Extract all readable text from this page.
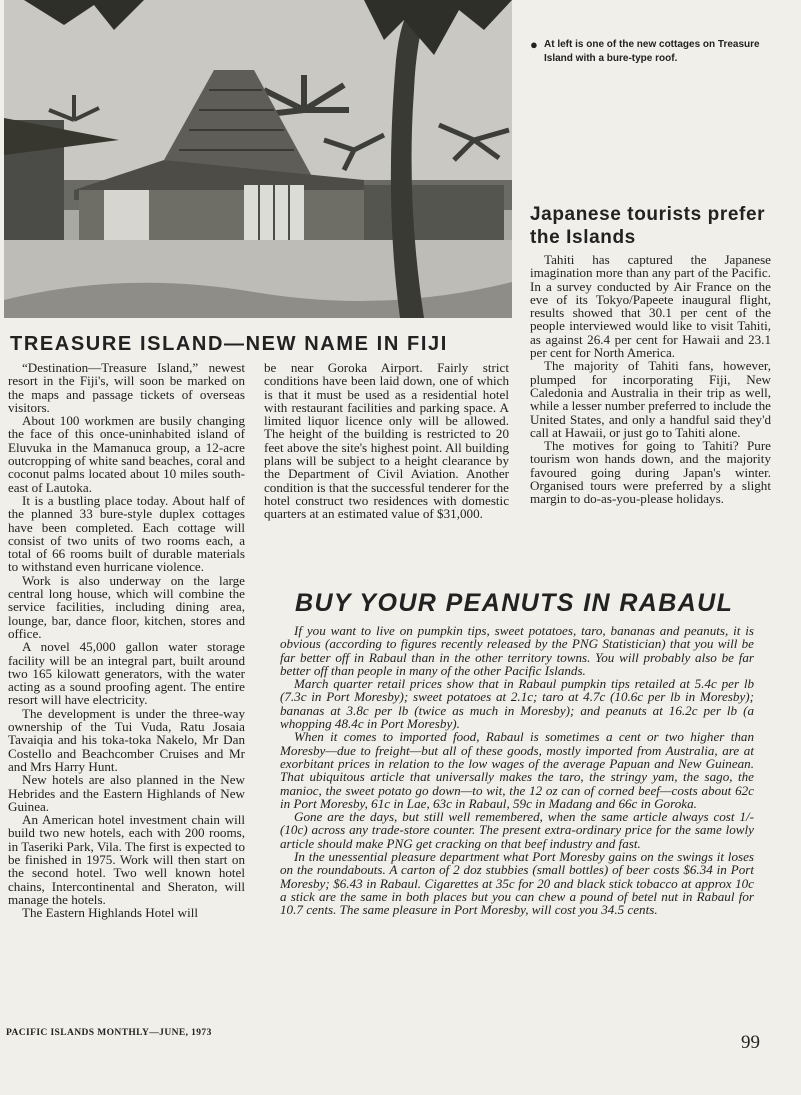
● At left is one of the new cottages on Treasure Island with a bure-type roof.
Japanese tourists prefer the Islands

Tahiti has captured the Japanese imagination more than any part of the Pacific. In a survey conducted by Air France on the eve of its Tokyo/Papeete inaugural flight, results showed that 30.1 per cent of the people interviewed would like to visit Tahiti, as against 26.4 per cent for Hawaii and 23.1 per cent for North America.

The majority of Tahiti fans, however, plumped for incorporating Fiji, New Caledonia and Australia in their trip as well, while a lesser number preferred to include the United States, and only a handful said they'd call at Hawaii, or just go to Tahiti alone.

The motives for going to Tahiti? Pure tourism won hands down, and the majority favoured going during Japan's winter. Organised tours were preferred by a slight margin to do-as-you-please holidays.

TREASURE ISLAND—NEW NAME IN FIJI

“Destination—Treasure Island,” newest resort in the Fiji's, will soon be marked on the maps and passage tickets of overseas visitors.

About 100 workmen are busily changing the face of this once-uninhabited island of Eluvuka in the Mamanuca group, a 12-acre outcropping of white sand beaches, coral and coconut palms located about 10 miles south-east of Lautoka.

It is a bustling place today. About half of the planned 33 bure-style duplex cottages have been completed. Each cottage will consist of two units of two rooms each, a total of 66 rooms built of durable materials to withstand even hurricane violence.

Work is also underway on the large central long house, which will combine the service facilities, including dining area, lounge, bar, dance floor, kitchen, stores and office.

A novel 45,000 gallon water storage facility will be an integral part, built around two 165 kilowatt generators, with the water acting as a sound proofing agent. The entire resort will have electricity.

The development is under the three-way ownership of the Tui Vuda, Ratu Josaia Tavaiqia and his toka-toka Nakelo, Mr Dan Costello and Beachcomber Cruises and Mr and Mrs Harry Hunt.

New hotels are also planned in the New Hebrides and the Eastern Highlands of New Guinea.

An American hotel investment chain will build two new hotels, each with 200 rooms, in Taseriki Park, Vila. The first is expected to be finished in 1975. Work will then start on the second hotel. Two well known hotel chains, Intercontinental and Sheraton, will manage the hotels.

The Eastern Highlands Hotel will

be near Goroka Airport. Fairly strict conditions have been laid down, one of which is that it must be used as a residential hotel with restaurant facilities and parking space. A limited liquor licence only will be allowed. The height of the building is restricted to 20 feet above the site's highest point. All building plans will be subject to a height clearance by the Department of Civil Aviation. Another condition is that the successful tenderer for the hotel construct two residences with domestic quarters at an estimated value of $31,000.

BUY YOUR PEANUTS IN RABAUL

If you want to live on pumpkin tips, sweet potatoes, taro, bananas and peanuts, it is obvious (according to figures recently released by the PNG Statistician) that you will be far better off in Rabaul than in the other territory towns. You will probably also be far better off than people in many of the other Pacific Islands.

March quarter retail prices show that in Rabaul pumpkin tips retailed at 5.4c per lb (7.3c in Port Moresby); sweet potatoes at 2.1c; taro at 4.7c (10.6c per lb in Moresby); bananas at 3.8c per lb (twice as much in Moresby); and peanuts at 16.2c per lb (a whopping 48.4c in Port Moresby).

When it comes to imported food, Rabaul is sometimes a cent or two higher than Moresby—due to freight—but all of these goods, mostly imported from Australia, are at exorbitant prices in relation to the low wages of the average Papuan and New Guinean. That ubiquitous article that universally makes the taro, the stringy yam, the sago, the manioc, the sweet potato go down—to wit, the 12 oz can of corned beef—costs about 62c in Port Moresby, 61c in Lae, 63c in Rabaul, 59c in Madang and 66c in Goroka.

Gone are the days, but still well remembered, when the same article always cost 1/- (10c) across any trade-store counter. The present extra-ordinary price for the same lowly article should make PNG get cracking on that beef industry and fast.

In the unessential pleasure department what Port Moresby gains on the swings it loses on the roundabouts. A carton of 2 doz stubbies (small bottles) of beer costs $6.34 in Port Moresby; $6.43 in Rabaul. Cigarettes at 35c for 20 and black stick tobacco at approx 10c a stick are the same in both places but you can chew a pound of betel nut in Rabaul for 10.7 cents. The same pleasure in Port Moresby, will cost you 34.5 cents.

PACIFIC ISLANDS MONTHLY—JUNE, 1973	99
